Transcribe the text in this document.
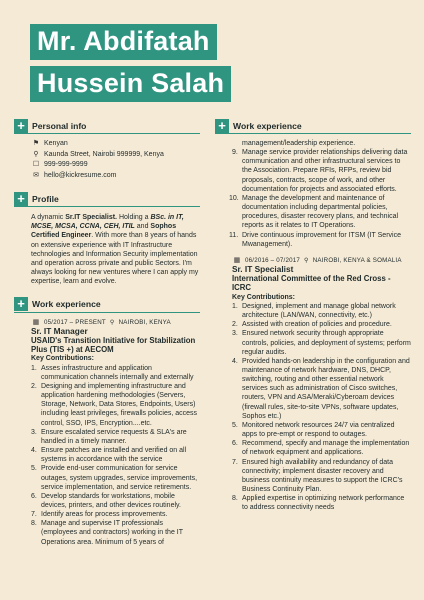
Mr. Abdifatah
Hussein Salah
+ Personal info
⚑ Kenyan
⚲ Kaunda Street, Nairobi 999999, Kenya
☐ 999-999-9999
✉ hello@kickresume.com
+ Profile
A dynamic Sr.IT Specialist. Holding a BSc. in IT, MCSE, MCSA, CCNA, CEH, ITIL and Sophos Certified Engineer. With more than 8 years of hands on extensive experience with IT Infrastructure technologies and Information Security implementation and operation across private and public Sectors. I'm always looking for new ventures where I can apply my expertise, learn and evolve.
+ Work experience
▦ 05/2017 – PRESENT ⚲ NAIROBI, KENYA
Sr. IT Manager
USAID's Transition Initiative for Stabilization Plus (TIS +) at AECOM
Key Contributions:
1. Asses infrastructure and application communication channels internally and externally
2. Designing and implementing infrastructure and application hardening methodologies (Servers, Storage, Network, Data Stores, Endpoints, Users) including least privileges, firewalls policies, access control, SSO, IPS, Encryption....etc.
3. Ensure escalated service requests & SLA's are handled in a timely manner.
4. Ensure patches are installed and verified on all systems in accordance with the service
5. Provide end-user communication for service outages, system upgrades, service improvements, service implementation, and service retirements.
6. Develop standards for workstations, mobile devices, printers, and other devices routinely.
7. Identify areas for process improvements.
8. Manage and supervise IT professionals (employees and contractors) working in the IT Operations area. Minimum of 5 years of
+ Work experience
management/leadership experience.
9. Manage service provider relationships delivering data communication and other infrastructural services to the Association. Prepare RFIs, RFPs, review bid proposals, contracts, scope of work, and other documentation for projects and associated efforts.
10. Manage the development and maintenance of documentation including departmental policies, procedures, disaster recovery plans, and technical reports as it relates to IT Operations.
11. Drive continuous improvement for ITSM (IT Service Mwanagement).
▦ 06/2016 – 07/2017 ⚲ NAIROBI, KENYA & SOMALIA
Sr. IT Specialist
International Committee of the Red Cross - ICRC
Key Contributions:
1. Designed, implement and manage global network architecture (LAN/WAN, connectivity, etc.)
2. Assisted with creation of policies and procedure.
3. Ensured network security through appropriate controls, policies, and deployment of systems; perform regular audits.
4. Provided hands-on leadership in the configuration and maintenance of network hardware, DNS, DHCP, switching, routing and other essential network services such as administration of Cisco switches, routers, VPN and ASA/Meraki/Cyberoam devices (firewall rules, site-to-site VPNs, software updates, Sophos etc.)
5. Monitored network resources 24/7 via centralized apps to pre-empt or respond to outages.
6. Recommend, specify and manage the implementation of network equipment and applications.
7. Ensured high availability and redundancy of data connectivity; implement disaster recovery and business continuity measures to support the ICRC's Business Continuity Plan.
8. Applied expertise in optimizing network performance to address connectivity needs
